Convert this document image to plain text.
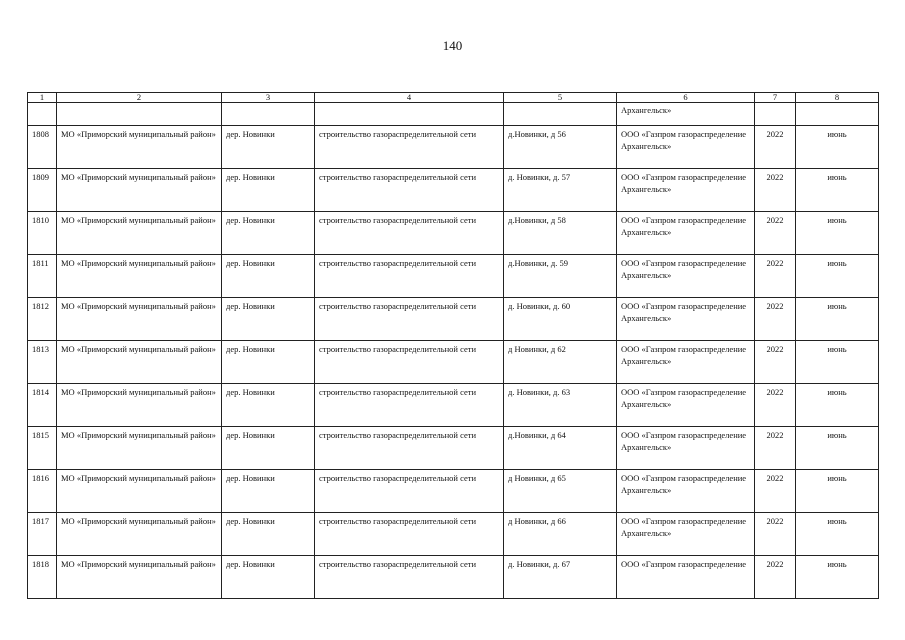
140
1	2	3	4	5	6	7	8
					Архангельск»		
1808	МО «Приморский муниципальный район»	дер. Новинки	строительство газораспределительной сети	д.Новинки, д 56	ООО «Газпром газораспределение Архангельск»	2022	июнь
1809	МО «Приморский муниципальный район»	дер. Новинки	строительство газораспределительной сети	д. Новинки, д. 57	ООО «Газпром газораспределение Архангельск»	2022	июнь
1810	МО «Приморский муниципальный район»	дер. Новинки	строительство газораспределительной сети	д.Новинки, д 58	ООО «Газпром газораспределение Архангельск»	2022	июнь
1811	МО «Приморский муниципальный район»	дер. Новинки	строительство газораспределительной сети	д.Новинки, д. 59	ООО «Газпром газораспределение Архангельск»	2022	июнь
1812	МО «Приморский муниципальный район»	дер. Новинки	строительство газораспределительной сети	д. Новинки, д. 60	ООО «Газпром газораспределение Архангельск»	2022	июнь
1813	МО «Приморский муниципальный район»	дер. Новинки	строительство газораспределительной сети	д Новинки, д 62	ООО «Газпром газораспределение Архангельск»	2022	июнь
1814	МО «Приморский муниципальный район»	дер. Новинки	строительство газораспределительной сети	д. Новинки, д. 63	ООО «Газпром газораспределение Архангельск»	2022	июнь
1815	МО «Приморский муниципальный район»	дер. Новинки	строительство газораспределительной сети	д.Новинки, д 64	ООО «Газпром газораспределение Архангельск»	2022	июнь
1816	МО «Приморский муниципальный район»	дер. Новинки	строительство газораспределительной сети	д Новинки, д 65	ООО «Газпром газораспределение Архангельск»	2022	июнь
1817	МО «Приморский муниципальный район»	дер. Новинки	строительство газораспределительной сети	д Новинки, д 66	ООО «Газпром газораспределение Архангельск»	2022	июнь
1818	МО «Приморский муниципальный район»	дер. Новинки	строительство газораспределительной сети	д. Новинки, д. 67	ООО «Газпром газораспределение	2022	июнь
